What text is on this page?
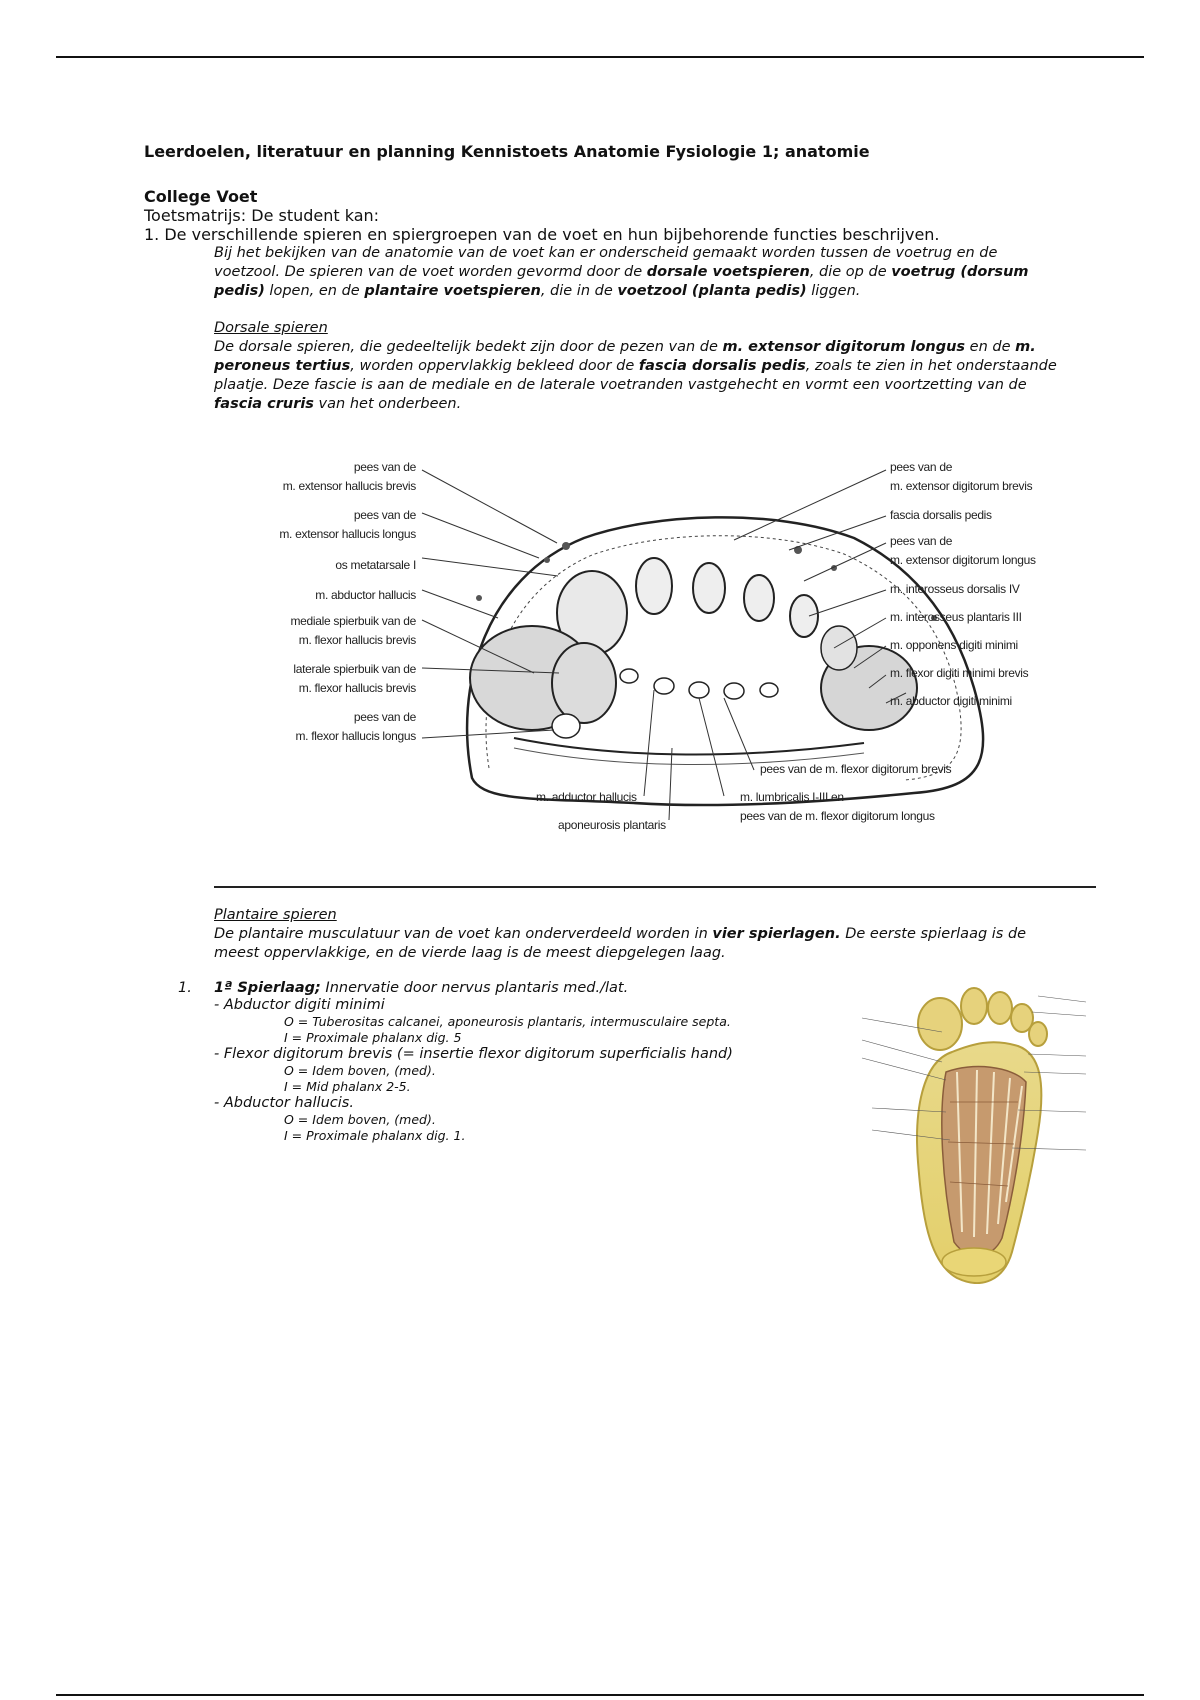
Leerdoelen, literatuur en planning Kennistoets Anatomie Fysiologie 1; anatomie
College Voet
Toetsmatrijs: De student kan:
1. De verschillende spieren en spiergroepen van de voet en hun bijbehorende functies beschrijven.
Bij het bekijken van de anatomie van de voet kan er onderscheid gemaakt worden tussen de voetrug en de voetzool. De spieren van de voet worden gevormd door de dorsale voetspieren, die op de voetrug (dorsum pedis) lopen, en de plantaire voetspieren, die in de voetzool (planta pedis) liggen.
Dorsale spieren
De dorsale spieren, die gedeeltelijk bedekt zijn door de pezen van de m. extensor digitorum longus en de m. peroneus tertius, worden oppervlakkig bekleed door de fascia dorsalis pedis, zoals te zien in het onderstaande plaatje. Deze fascie is aan de mediale en de laterale voetranden vastgehecht en vormt een voortzetting van de fascia cruris van het onderbeen.
pees van de
m. extensor hallucis brevis
pees van de
m. extensor hallucis longus
os metatarsale I
m. abductor hallucis
mediale spierbuik van de
m. flexor hallucis brevis
laterale spierbuik van de
m. flexor hallucis brevis
pees van de
m. flexor hallucis longus
pees van de
m. extensor digitorum brevis
fascia dorsalis pedis
pees van de
m. extensor digitorum longus
m. interosseus dorsalis IV
m. interosseus plantaris III
m. opponens digiti minimi
m. flexor digiti minimi brevis
m. abductor digiti minimi
pees van de m. flexor digitorum brevis
m. adductor hallucis
aponeurosis plantaris
m. lumbricalis I-III en
pees van de m. flexor digitorum longus
Plantaire spieren
De plantaire musculatuur van de voet kan onderverdeeld worden in vier spierlagen. De eerste spierlaag is de meest oppervlakkige, en de vierde laag is de meest diepgelegen laag.
1. 1ª Spierlaag; Innervatie door nervus plantaris med./lat.
- Abductor digiti minimi
O = Tuberositas calcanei, aponeurosis plantaris, intermusculaire septa.
I = Proximale phalanx dig. 5
- Flexor digitorum brevis (= insertie flexor digitorum superficialis hand)
O = Idem boven, (med).
I = Mid phalanx 2-5.
- Abductor hallucis.
O = Idem boven, (med).
I = Proximale phalanx dig. 1.
